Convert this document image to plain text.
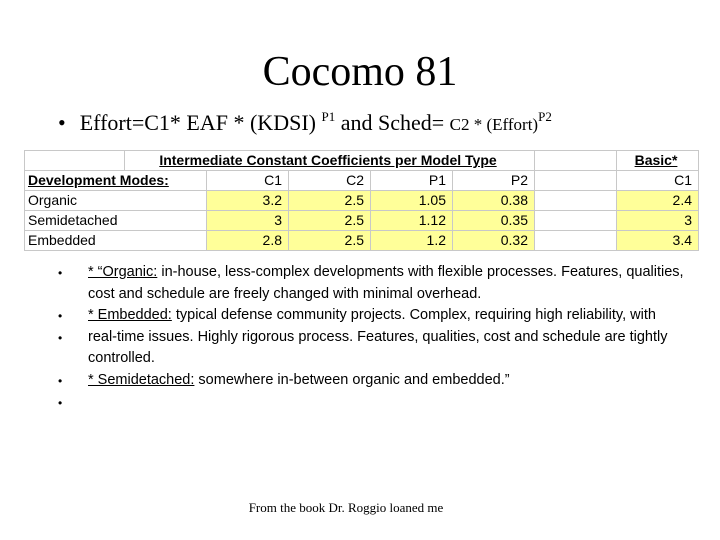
Cocomo 81
• Effort=C1* EAF * (KDSI) $^{P1}$ and Sched= C2 * (Effort)$^{P2}$
	Intermediate Constant Coefficients per Model Type						Basic*
Development Modes:		C1	C2	P1	P2		C1
Organic		3.2	2.5	1.05	0.38		2.4
Semidetached		3	2.5	1.12	0.35		3
Embedded		2.8	2.5	1.2	0.32		3.4
•
•
•
•
•

* “Organic: in-house, less-complex developments with flexible processes. Features, qualities, cost and schedule are freely changed with minimal overhead.

* Embedded: typical defense community projects. Complex, requiring high reliability, with real-time issues. Highly rigorous process. Features, qualities, cost and schedule are tightly controlled.

* Semidetached: somewhere in-between organic and embedded.”

From the book Dr. Roggio loaned me
